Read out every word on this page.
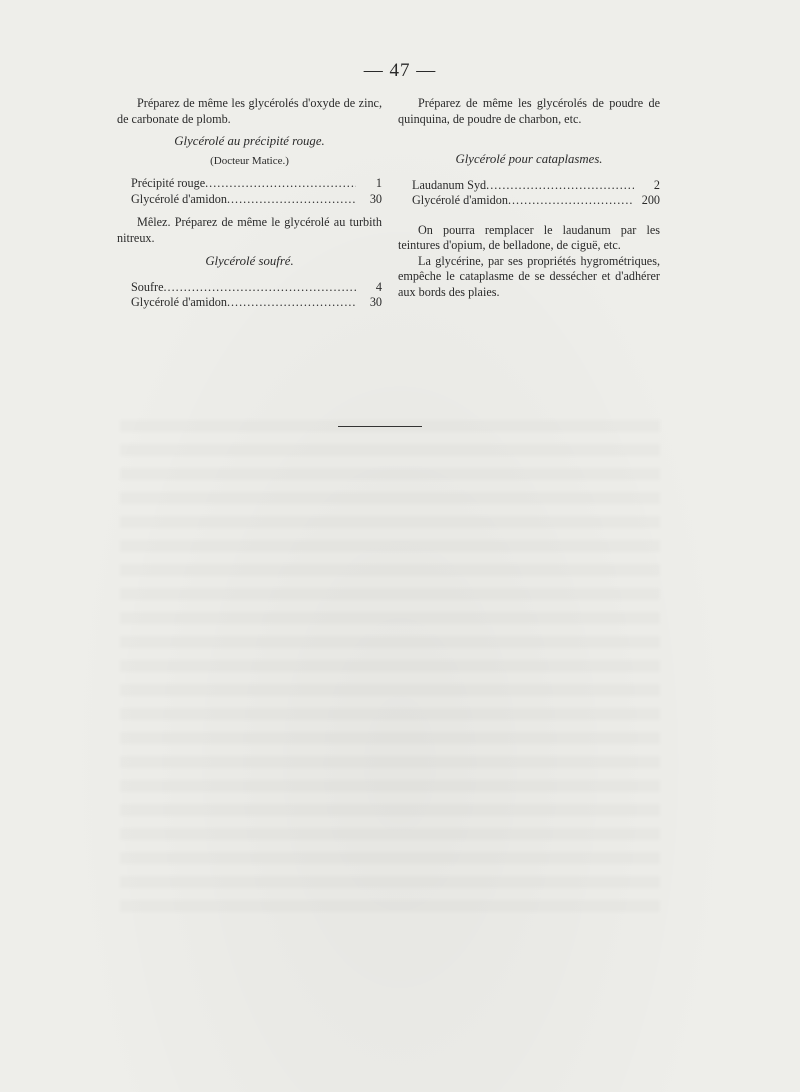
— 47 —

Préparez de même les glycérolés d'oxyde de zinc, de carbonate de plomb.

Glycérolé au précipité rouge.

(Docteur Matice.)
Précipité rouge .....	1
Glycérolé d'amidon .....	30

Mêlez. Préparez de même le glycérolé au turbith nitreux.

Glycérolé soufré.

Soufre .....	4
Glycérolé d'amidon .....	30

Préparez de même les glycérolés de poudre de quinquina, de poudre de charbon, etc.

Glycérolé pour cataplasmes.

Laudanum Syd .....	2
Glycérolé d'amidon .....	200

On pourra remplacer le laudanum par les teintures d'opium, de belladone, de ciguë, etc.

La glycérine, par ses propriétés hygrométriques, empêche le cataplasme de se dessécher et d'adhérer aux bords des plaies.
